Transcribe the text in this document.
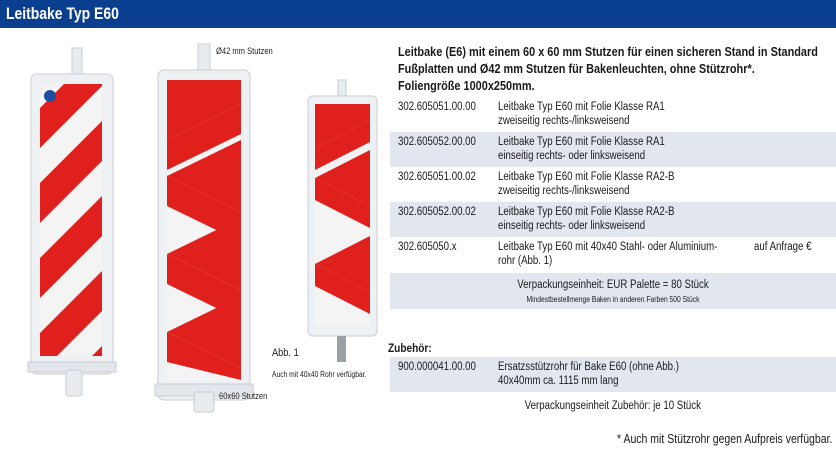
Leitbake Typ E60
Ø42 mm Stutzen
Abb. 1
Auch mit 40x40 Rohr verfügbar.
60x60 Stutzen
Leitbake (E6) mit einem 60 x 60 mm Stutzen für einen sicheren Stand in Standard
Fußplatten und Ø42 mm Stutzen für Bakenleuchten, ohne Stützrohr*.
Foliengröße 1000x250mm.
302.605051.00.00 Leitbake Typ E60 mit Folie Klasse RA1
zweiseitig rechts-/linksweisend
302.605052.00.00 Leitbake Typ E60 mit Folie Klasse RA1
einseitig rechts- oder linksweisend
302.605051.00.02 Leitbake Typ E60 mit Folie Klasse RA2-B
zweiseitig rechts-/linksweisend
302.605052.00.02 Leitbake Typ E60 mit Folie Klasse RA2-B
einseitig rechts- oder linksweisend
302.605050.x	Leitbake Typ E60 mit 40x40 Stahl- oder Aluminium-
rohr (Abb. 1)
auf Anfrage €
Verpackungseinheit: EUR Palette = 80 Stück
Mindestbestellmenge Baken in anderen Farben 500 Stück
Zubehör:
900.000041.00.00 Ersatzsstützrohr für Bake E60 (ohne Abb.)
40x40mm ca. 1115 mm lang
Verpackungseinheit Zubehör: je 10 Stück
* Auch mit Stützrohr gegen Aufpreis verfügbar.
